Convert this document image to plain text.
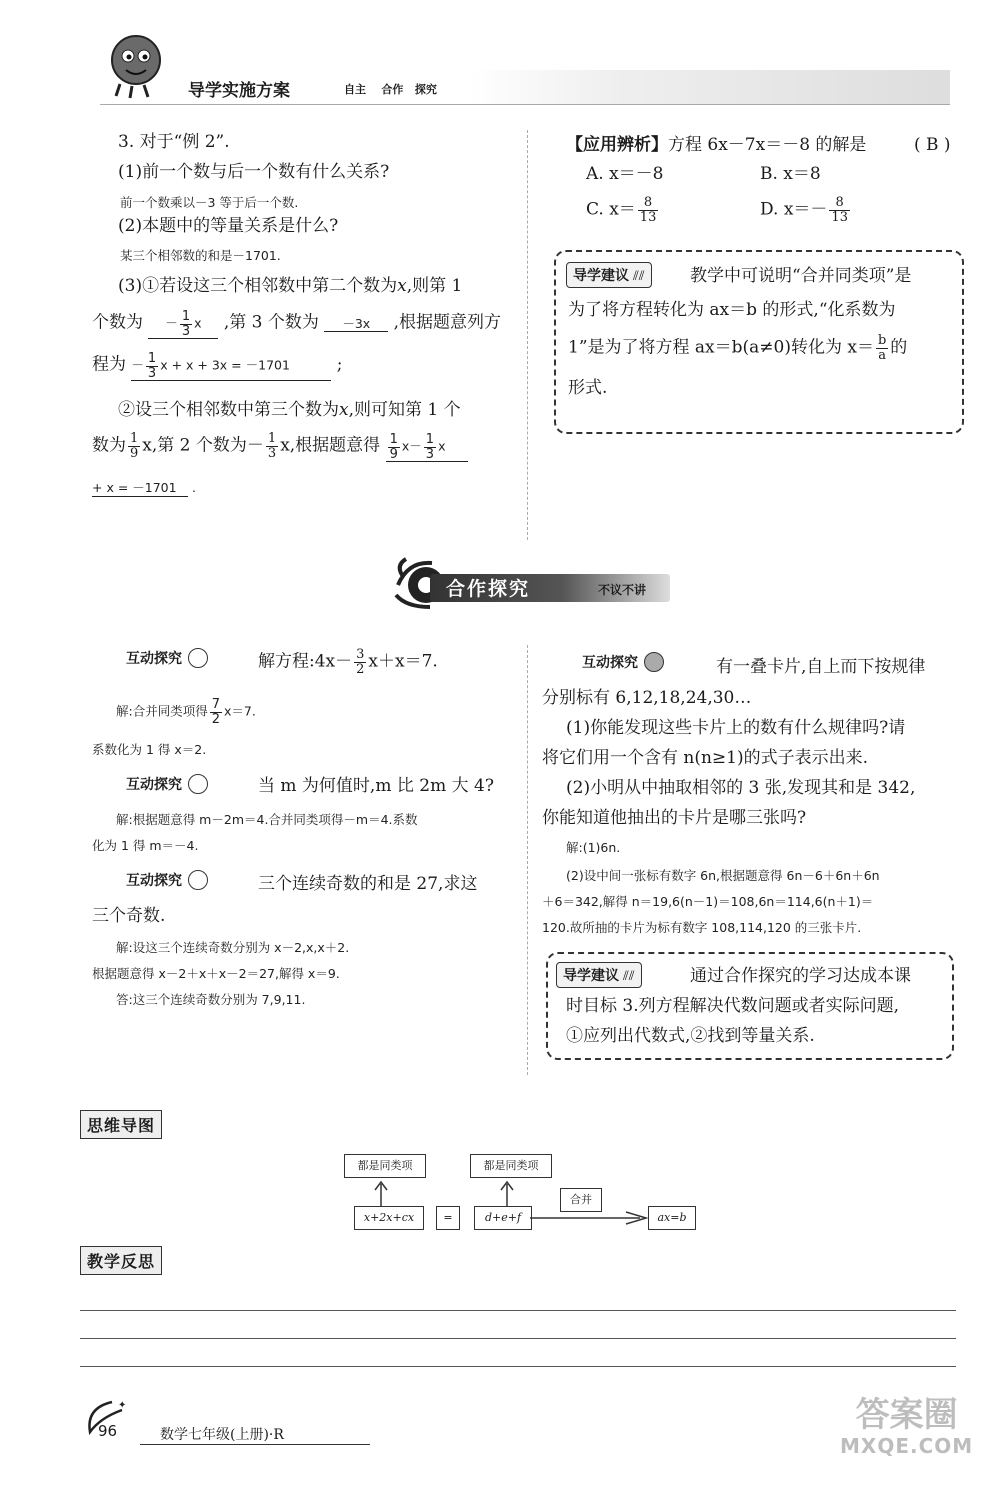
导学实施方案	自主 合作 探究
3. 对于“例 2”.
(1)前一个数与后一个数有什么关系?
前一个数乘以－3 等于后一个数.
(2)本题中的等量关系是什么?
某三个相邻数的和是－1701.
(3)①若设这三个相邻数中第二个数为x,则第 1
个数为 － $\frac{1}{3}$ x ,第 3 个数为 －3x ,根据题意列方
程为 － $\frac{1}{3}$ x + x + 3x = －1701 ;
②设三个相邻数中第三个数为x,则可知第 1 个
数为 $\frac{1}{9} x$,第 2 个数为－ $\frac{1}{3} x$,根据题意得 $\frac{1}{9} x- \frac{1}{3}$ x
+ x = －1701 .
【应用辨析】方程 6x－7x＝－8 的解是	( B )
A. x＝－8	B. x＝8
C. $x= \frac{8}{13}$	D. $x=- \frac{8}{13}$
导学建议 ⫽⫽	教学中可说明“合并同类项”是
为了将方程转化为 ax＝b 的形式,“化系数为
1”是为了将方程 ax＝b(a≠0)转化为 $x= \frac{b}{a}$ 的
形式.
合作探究	不议不讲
互动探究	解方程:4x－ $\frac{3}{2} x+x=7$.
解:合并同类项得 $\frac{7}{2} x=7$.
系数化为 1 得 x＝2.
互动探究	当 m 为何值时,m 比 2m 大 4?
解:根据题意得 m－2m＝4.合并同类项得－m＝4.系数
化为 1 得 m＝－4.
互动探究	三个连续奇数的和是 27,求这
三个奇数.
解:设这三个连续奇数分别为 x－2,x,x＋2.
根据题意得 x－2＋x＋x－2＝27,解得 x＝9.
答:这三个连续奇数分别为 7,9,11.
互动探究	有一叠卡片,自上而下按规律
分别标有 6,12,18,24,30…
(1)你能发现这些卡片上的数有什么规律吗?请
将它们用一个含有 n(n≥1)的式子表示出来.
(2)小明从中抽取相邻的 3 张,发现其和是 342,
你能知道他抽出的卡片是哪三张吗?
解:(1)6n.
(2)设中间一张标有数字 6n,根据题意得 6n－6＋6n＋6n
＋6＝342,解得 n＝19,6(n－1)＝108,6n＝114,6(n＋1)＝
120.故所抽的卡片为标有数字 108,114,120 的三张卡片.
导学建议 ⫽⫽	通过合作探究的学习达成本课
时目标 3.列方程解决代数问题或者实际问题,
①应列出代数式,②找到等量关系.
思维导图
都是同类项	都是同类项
x+2x+cx	=	d+e+f
合并
ax=b
教学反思
✦
96	数学七年级(上册)·R	答案圈
MXQE.COM
